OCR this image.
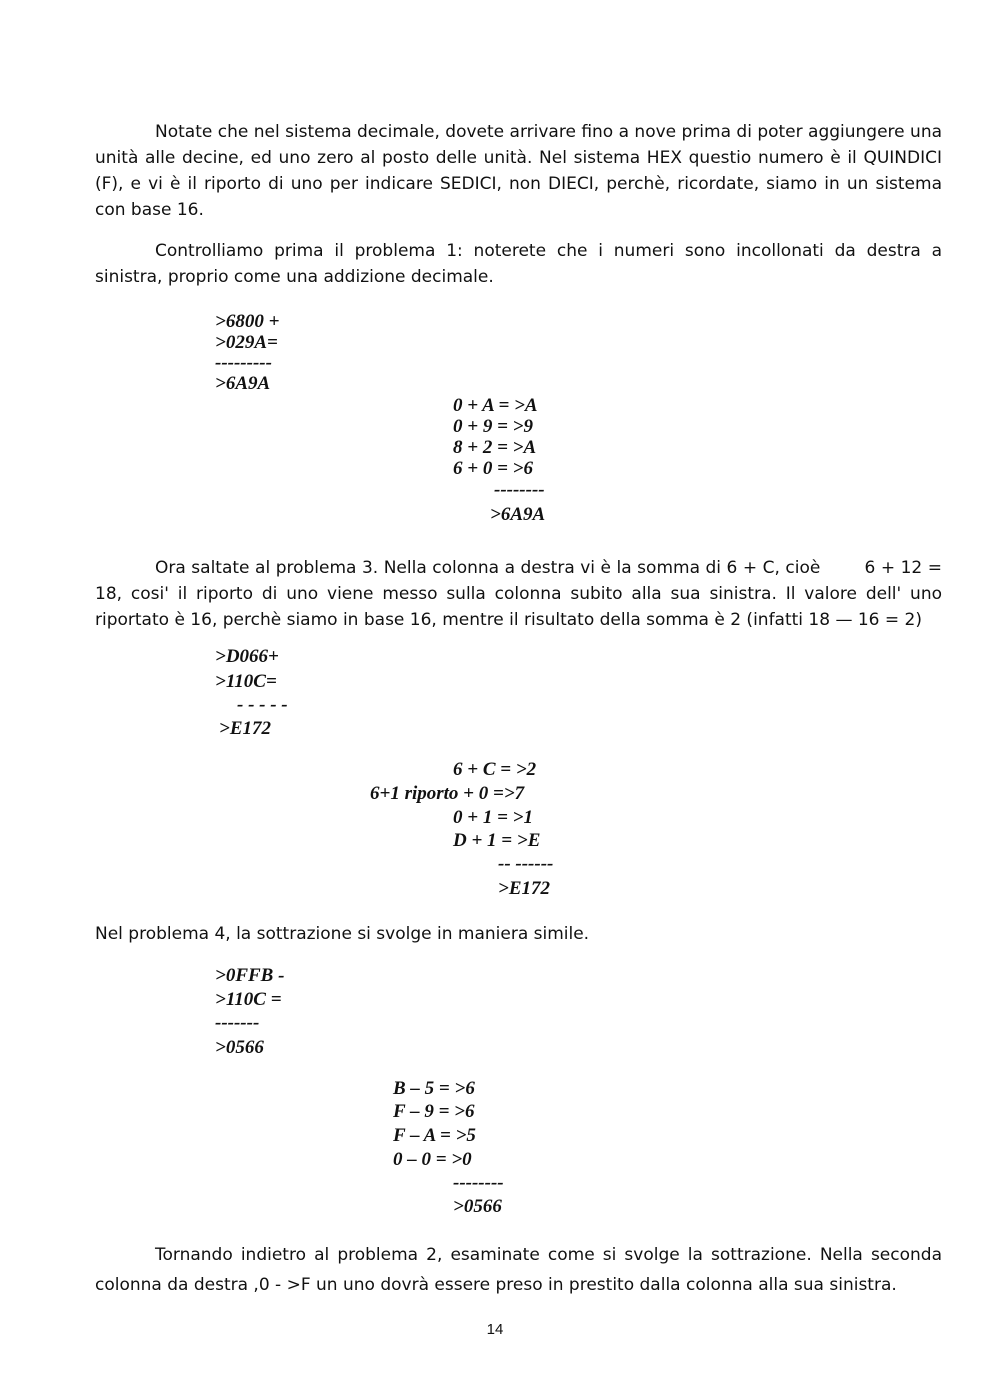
Notate che nel sistema decimale, dovete arrivare fino a nove prima di poter aggiungere una unità alle decine, ed uno zero al posto delle unità. Nel sistema HEX questio numero è il QUINDICI (F), e vi è il riporto di uno per indicare SEDICI, non DIECI, perchè, ricordate, siamo in un sistema con base 16.

Controlliamo prima il problema 1: noterete che i numeri sono incollonati da destra a sinistra, proprio come una addizione decimale.

>6800 +
>029A=
---------
>6A9A
0 + A = >A
0 + 9 = >9
8 + 2 = >A
6 + 0 = >6
--------
>6A9A

Ora saltate al problema 3. Nella colonna a destra vi è la somma di 6 + C, cioè        6 + 12 = 18, cosi' il riporto di uno viene messo sulla colonna subito alla sua sinistra. Il valore dell' uno riportato è 16, perchè siamo in base 16, mentre il risultato della somma è 2 (infatti 18 — 16 = 2)

>D066+
>110C=
- - - - -
>E172
6 + C = >2
6+1 riporto + 0 =>7
0 + 1 = >1
D + 1 = >E
-- ------
>E172

Nel problema 4, la sottrazione si svolge in maniera simile.

>0FFB -
>110C =
-------
>0566
B – 5 = >6
F – 9 = >6
F – A = >5
0 – 0 = >0
--------
>0566

Tornando indietro al problema 2, esaminate come si svolge la sottrazione. Nella seconda colonna da destra ,0 - >F un uno dovrà essere preso in prestito dalla colonna alla sua sinistra.

14
